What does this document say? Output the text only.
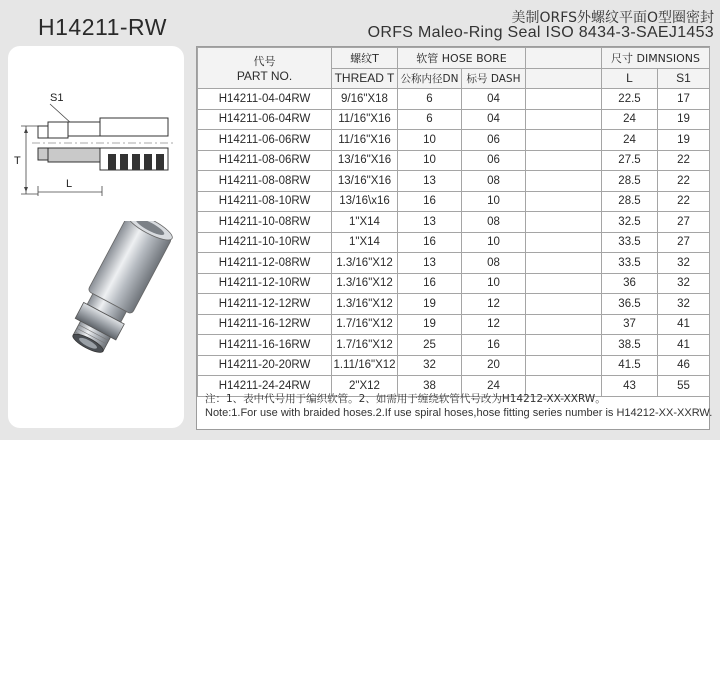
H14211-RW	美制ORFS外螺纹平面O型圈密封
ORFS Maleo-Ring Seal ISO 8434-3-SAEJ1453
S1
T
L
代号
PART NO.	螺纹T	软管 HOSE BORE			尺寸 DIMNSIONS	
	THREAD T	公称内径DN	标号 DASH		L	S1
H14211-04-04RW	9/16"X18	6	04		22.5	17
H14211-06-04RW	11/16"X16	6	04		24	19
H14211-06-06RW	11/16"X16	10	06		24	19
H14211-08-06RW	13/16"X16	10	06		27.5	22
H14211-08-08RW	13/16"X16	13	08		28.5	22
H14211-08-10RW	13/16\x16	16	10		28.5	22
H14211-10-08RW	1"X14	13	08		32.5	27
H14211-10-10RW	1"X14	16	10		33.5	27
H14211-12-08RW	1.3/16"X12	13	08		33.5	32
H14211-12-10RW	1.3/16"X12	16	10		36	32
H14211-12-12RW	1.3/16"X12	19	12		36.5	32
H14211-16-12RW	1.7/16"X12	19	12		37	41
H14211-16-16RW	1.7/16"X12	25	16		38.5	41
H14211-20-20RW	1.11/16"X12	32	20		41.5	46
H14211-24-24RW	2"X12	38	24		43	55
注：1、表中代号用于编织软管。2、如需用于缠绕软管代号改为H14212-XX-XXRW。
Note:1.For use with braided hoses.2.If use spiral hoses,hose fitting series number is H14212-XX-XXRW.
